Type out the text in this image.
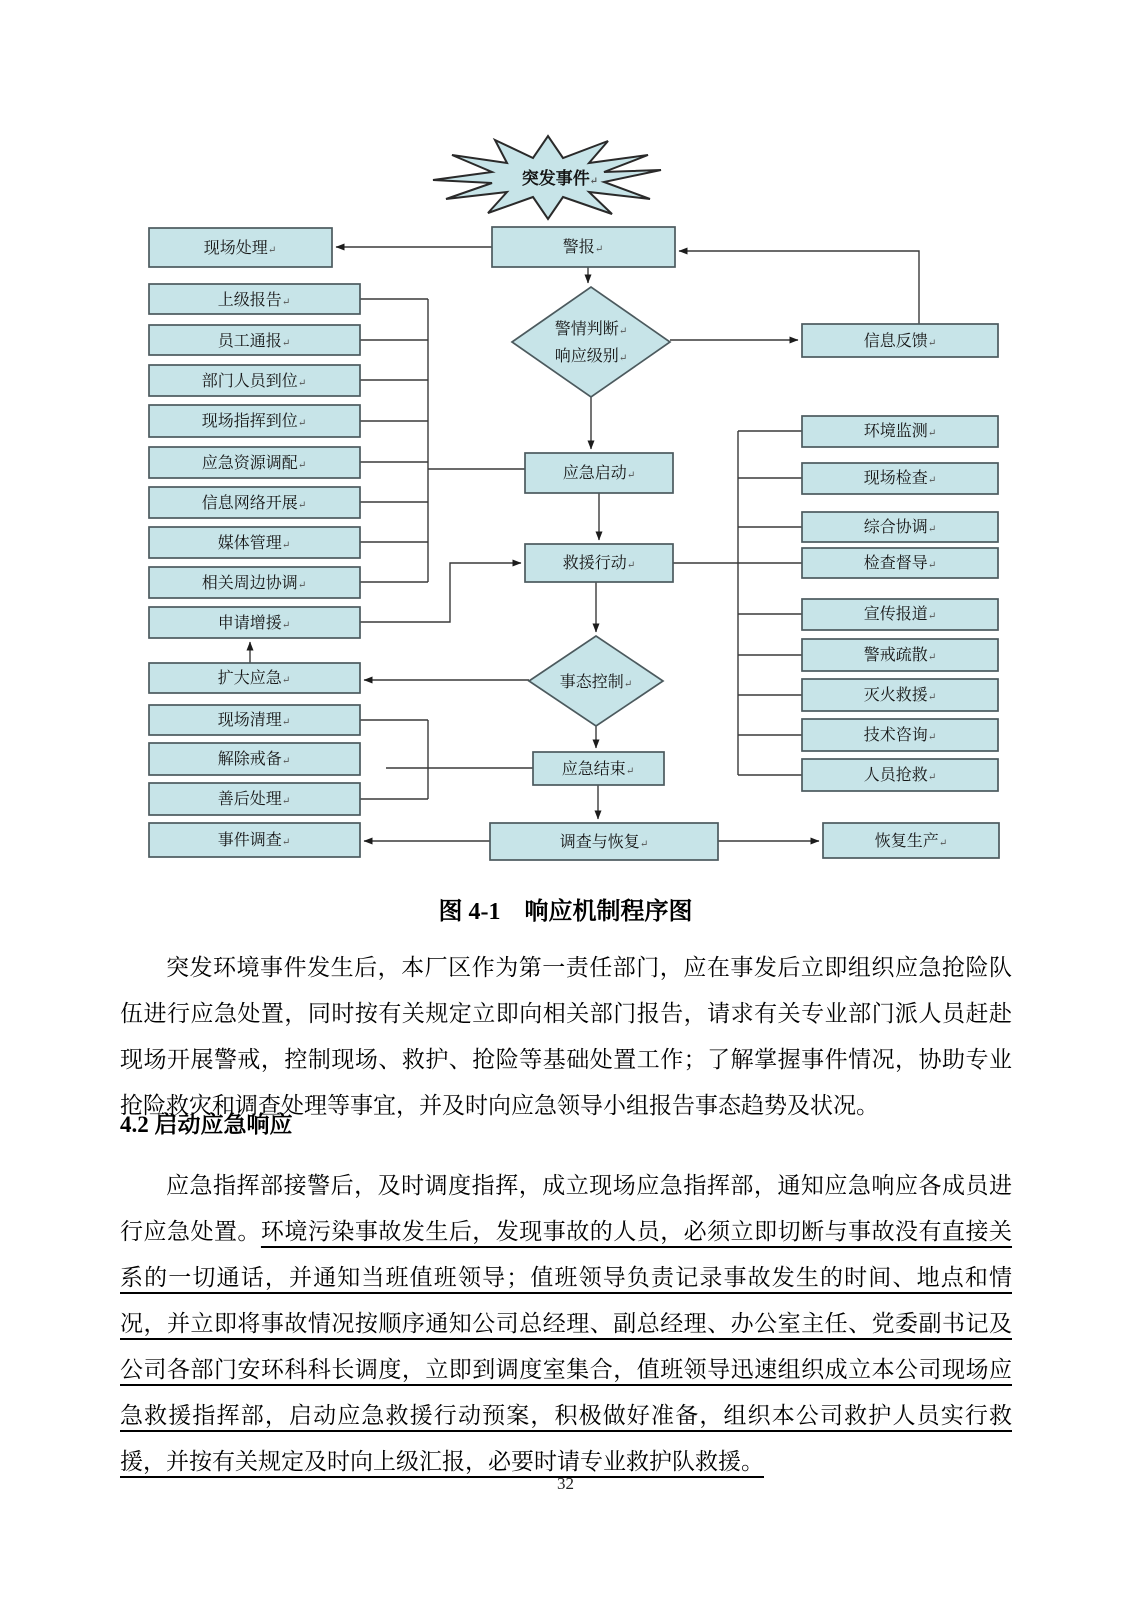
突发事件↵
警报↵
现场处理↵
警情判断↵
响应级别↵
应急启动↵
救援行动↵
事态控制↵
应急结束↵
调查与恢复↵
信息反馈↵
上级报告↵
员工通报↵
部门人员到位↵
现场指挥到位↵
应急资源调配↵
信息网络开展↵
媒体管理↵
相关周边协调↵
申请增援↵
扩大应急↵
现场清理↵
解除戒备↵
善后处理↵
事件调查↵
环境监测↵
现场检查↵
综合协调↵
检查督导↵
宣传报道↵
警戒疏散↵
灭火救援↵
技术咨询↵
人员抢救↵
恢复生产↵
图 4-1　响应机制程序图

突发环境事件发生后，本厂区作为第一责任部门，应在事发后立即组织应急抢险队伍进行应急处置，同时按有关规定立即向相关部门报告，请求有关专业部门派人员赶赴现场开展警戒，控制现场、救护、抢险等基础处置工作；了解掌握事件情况，协助专业抢险救灾和调查处理等事宜，并及时向应急领导小组报告事态趋势及状况。

4.2 启动应急响应

应急指挥部接警后，及时调度指挥，成立现场应急指挥部，通知应急响应各成员进行应急处置。环境污染事故发生后，发现事故的人员，必须立即切断与事故没有直接关系的一切通话，并通知当班值班领导；值班领导负责记录事故发生的时间、地点和情况，并立即将事故情况按顺序通知公司总经理、副总经理、办公室主任、党委副书记及公司各部门安环科科长调度，立即到调度室集合，值班领导迅速组织成立本公司现场应急救援指挥部，启动应急救援行动预案，积极做好准备，组织本公司救护人员实行救援，并按有关规定及时向上级汇报，必要时请专业救护队救援。

32
